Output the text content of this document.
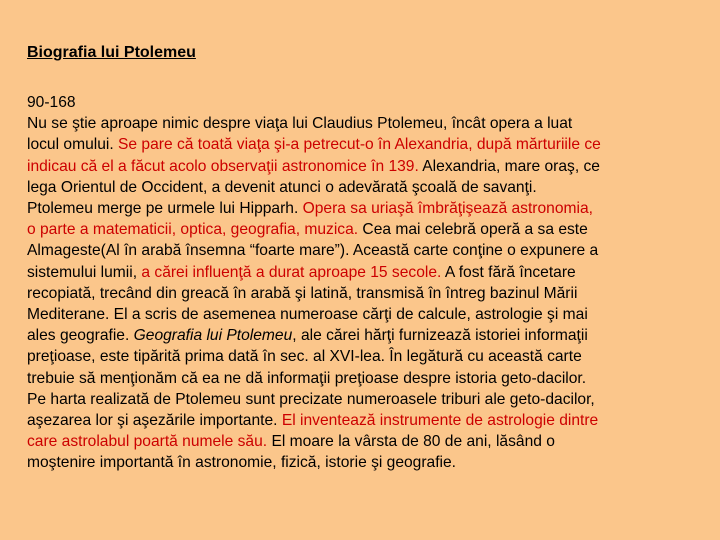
Biografia lui Ptolemeu
90-168
Nu se ştie aproape nimic despre viaţa lui Claudius Ptolemeu, încât opera a luat
locul omului. Se pare că toată viaţa şi-a petrecut-o în Alexandria, după mărturiile ce
indicau că el a făcut acolo observaţii astronomice în 139. Alexandria, mare oraş, ce
lega Orientul de Occident, a devenit atunci o adevărată şcoală de savanţi.
Ptolemeu merge pe urmele lui Hipparh. Opera sa uriaşă îmbrăţişează astronomia,
o parte a matematicii, optica, geografia, muzica. Cea mai celebră operă a sa este
Almageste(Al în arabă însemna “foarte mare”). Această carte conţine o expunere a
sistemului lumii, a cărei influenţă a durat aproape 15 secole. A fost fără încetare
recopiată, trecând din greacă în arabă şi latină, transmisă în întreg bazinul Mării
Mediterane. El a scris de asemenea numeroase cărţi de calcule, astrologie şi mai
ales geografie. Geografia lui Ptolemeu, ale cărei hărţi furnizează istoriei informaţii
preţioase, este tipărită prima dată în sec. al XVI-lea. În legătură cu această carte
trebuie să menţionăm că ea ne dă informaţii preţioase despre istoria geto-dacilor.
Pe harta realizată de Ptolemeu sunt precizate numeroasele triburi ale geto-dacilor,
aşezarea lor şi aşezările importante. El inventează instrumente de astrologie dintre
care astrolabul poartă numele său. El moare la vârsta de 80 de ani, lăsând o
moştenire importantă în astronomie, fizică, istorie şi geografie.
